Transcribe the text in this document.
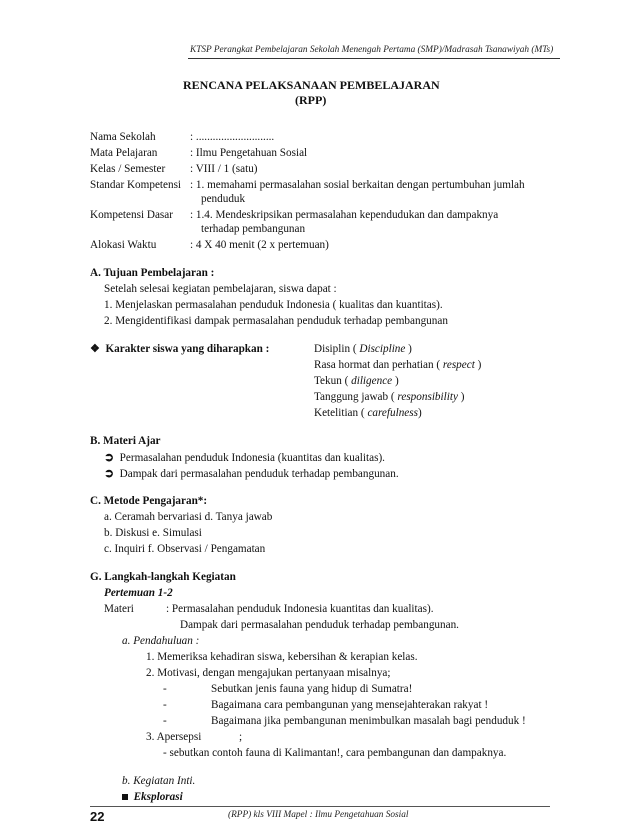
KTSP Perangkat Pembelajaran Sekolah Menengah Pertama (SMP)/Madrasah Tsanawiyah (MTs)
RENCANA PELAKSANAAN PEMBELAJARAN
(RPP)
Nama Sekolah	: ............................
Mata Pelajaran	: Ilmu Pengetahuan Sosial
Kelas / Semester : VIII / 1 (satu)
Standar Kompetensi : 1. memahami permasalahan sosial berkaitan dengan pertumbuhan jumlah
penduduk
Kompetensi Dasar : 1.4. Mendeskripsikan permasalahan kependudukan dan dampaknya
terhadap pembangunan
Alokasi Waktu	: 4 X 40 menit (2 x pertemuan)
A. Tujuan Pembelajaran :
Setelah selesai kegiatan pembelajaran, siswa dapat :
1. Menjelaskan permasalahan penduduk Indonesia ( kualitas dan kuantitas).
2. Mengidentifikasi dampak permasalahan penduduk terhadap pembangunan
❖ Karakter siswa yang diharapkan :	Disiplin ( Discipline )
Rasa hormat dan perhatian ( respect )
Tekun ( diligence )
Tanggung jawab ( responsibility )
Ketelitian ( carefulness)
B. Materi Ajar
➲ Permasalahan penduduk Indonesia (kuantitas dan kualitas).
➲ Dampak dari permasalahan penduduk terhadap pembangunan.
C. Metode Pengajaran*:
a. Ceramah bervariasi d. Tanya jawab
b. Diskusi e. Simulasi
c. Inquiri f. Observasi / Pengamatan
G. Langkah-langkah Kegiatan
Pertemuan 1-2
Materi	: Permasalahan penduduk Indonesia kuantitas dan kualitas).
Dampak dari permasalahan penduduk terhadap pembangunan.
a. Pendahuluan :
1. Memeriksa kehadiran siswa, kebersihan & kerapian kelas.
2. Motivasi, dengan mengajukan pertanyaan misalnya;
-	Sebutkan jenis fauna yang hidup di Sumatra!
-	Bagaimana cara pembangunan yang mensejahterakan rakyat !
-	Bagaimana jika pembangunan menimbulkan masalah bagi penduduk !
3. Apersepsi	;
- sebutkan contoh fauna di Kalimantan!, cara pembangunan dan dampaknya.
b. Kegiatan Inti.
Eksplorasi
22	(RPP) kls VIII Mapel : Ilmu Pengetahuan Sosial
